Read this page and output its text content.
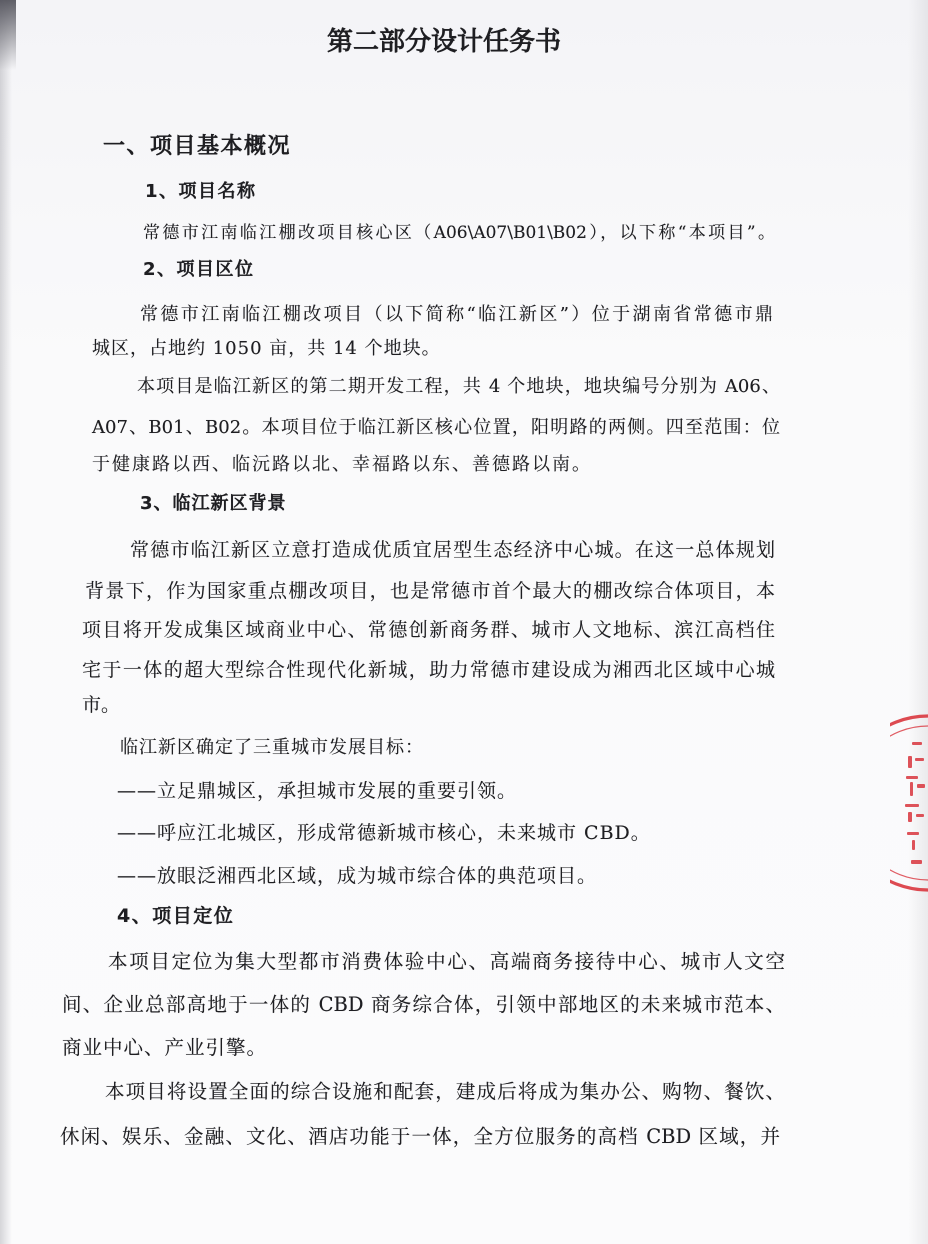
第二部分设计任务书
一、项目基本概况
1、项目名称
常德市江南临江棚改项目核心区（A06\A07\B01\B02），以下称“本项目”。
2、项目区位
常德市江南临江棚改项目（以下简称“临江新区”）位于湖南省常德市鼎
城区，占地约 1050 亩，共 14 个地块。
本项目是临江新区的第二期开发工程，共 4 个地块，地块编号分别为 A06、
A07、B01、B02。本项目位于临江新区核心位置，阳明路的两侧。四至范围：位
于健康路以西、临沅路以北、幸福路以东、善德路以南。
3、临江新区背景
常德市临江新区立意打造成优质宜居型生态经济中心城。在这一总体规划
背景下，作为国家重点棚改项目，也是常德市首个最大的棚改综合体项目，本
项目将开发成集区域商业中心、常德创新商务群、城市人文地标、滨江高档住
宅于一体的超大型综合性现代化新城，助力常德市建设成为湘西北区域中心城
市。
临江新区确定了三重城市发展目标：
——立足鼎城区，承担城市发展的重要引领。
——呼应江北城区，形成常德新城市核心，未来城市 CBD。
——放眼泛湘西北区域，成为城市综合体的典范项目。
4、项目定位
本项目定位为集大型都市消费体验中心、高端商务接待中心、城市人文空
间、企业总部高地于一体的 CBD 商务综合体，引领中部地区的未来城市范本、
商业中心、产业引擎。
本项目将设置全面的综合设施和配套，建成后将成为集办公、购物、餐饮、
休闲、娱乐、金融、文化、酒店功能于一体，全方位服务的高档 CBD 区域，并
